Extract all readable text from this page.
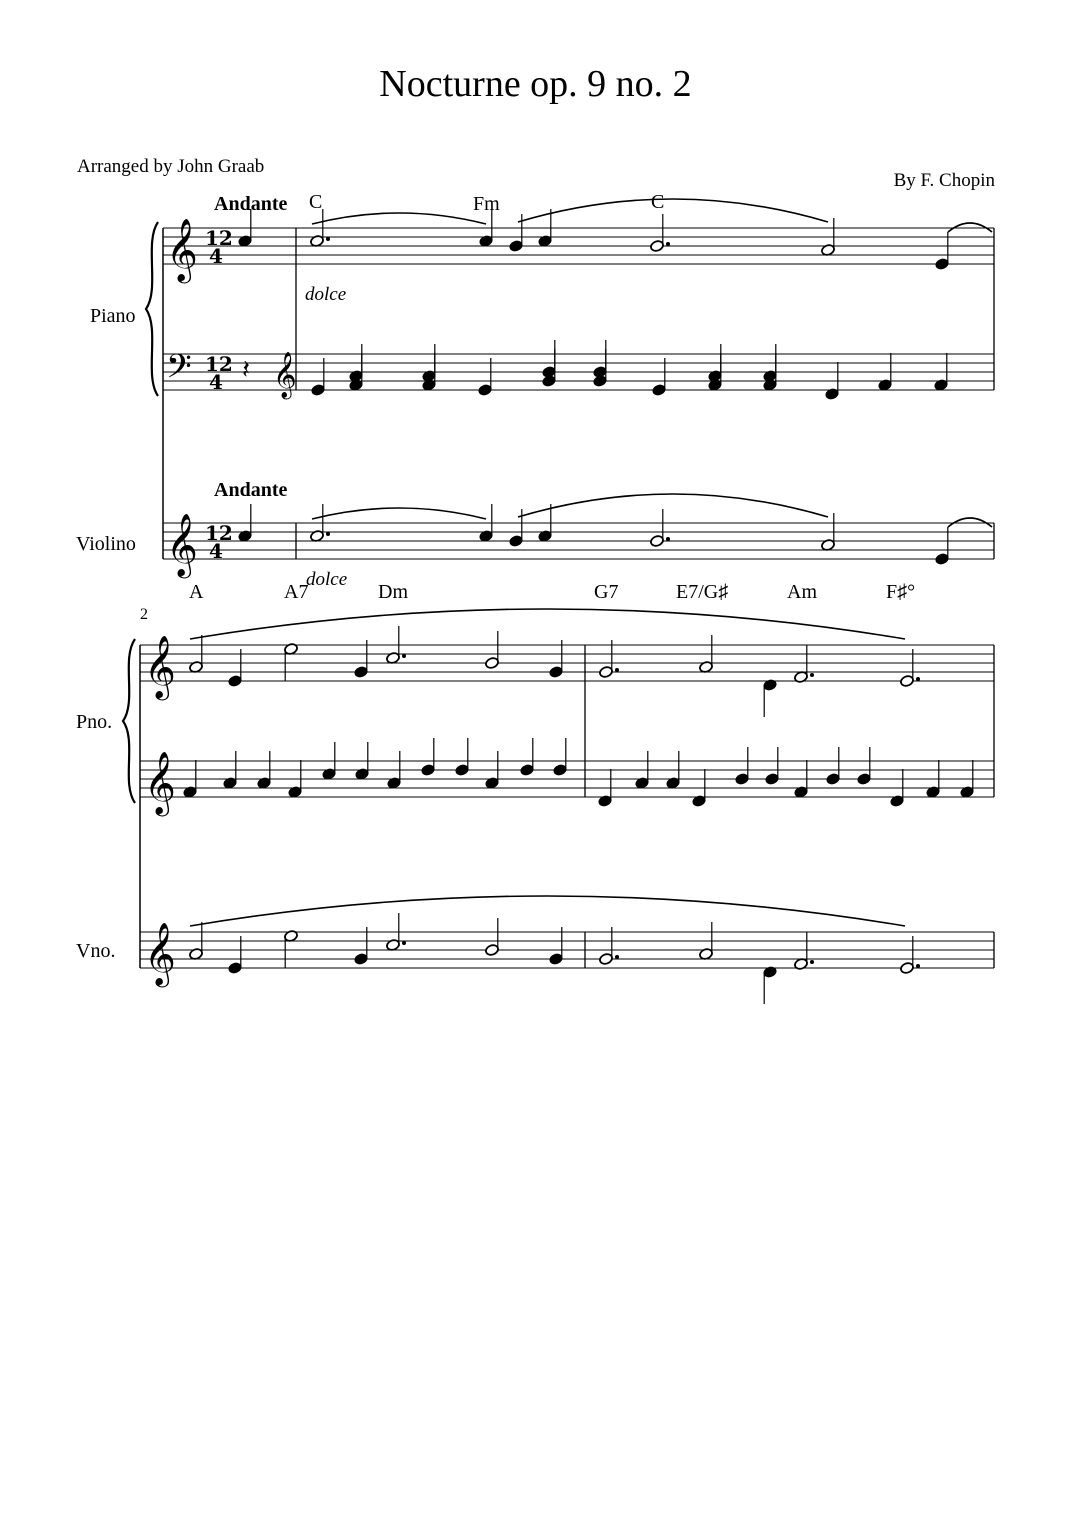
Nocturne op. 9 no. 2
Arranged by John Graab
By F. Chopin
Andante C	Fm	C
dolce
Piano
Andante
Violino
dolce
A	A7	Dm	G7	E7/G♯	Am	F♯°
2
Pno.
Vno.
𝄞
𝄢 𝄞
𝄞
𝄞
𝄞
𝄞
12
4
12
4
12
4
𝄽
